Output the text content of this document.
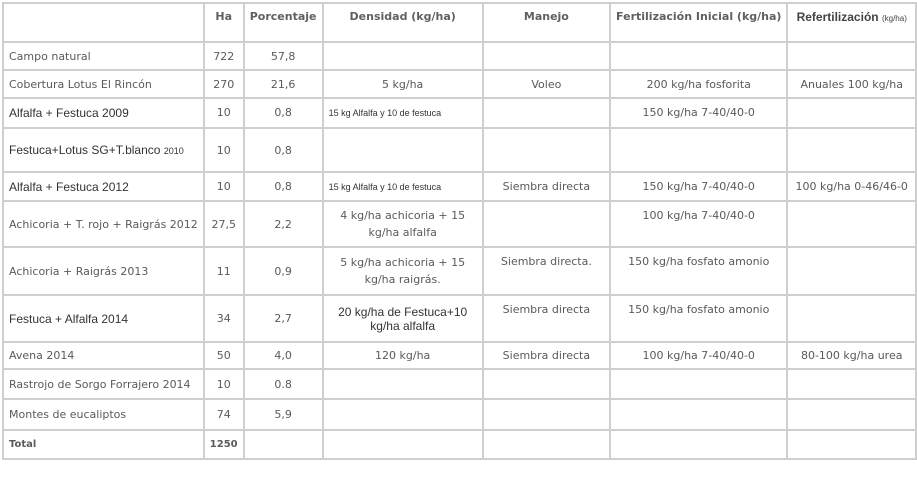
	Ha	Porcentaje	Densidad (kg/ha)	Manejo	Fertilización Inicial (kg/ha)	Refertilización (kg/ha)
Campo natural	722	57,8				
Cobertura Lotus El Rincón	270	21,6	5 kg/ha	Voleo	200 kg/ha fosforita	Anuales 100 kg/ha
Alfalfa + Festuca 2009	10	0,8	15 kg Alfalfa y 10 de festuca		150 kg/ha 7-40/40-0	
Festuca+Lotus SG+T.blanco 2010	10	0,8				
Alfalfa + Festuca 2012	10	0,8	15 kg Alfalfa y 10 de festuca	Siembra directa	150 kg/ha 7-40/40-0	100 kg/ha 0-46/46-0
Achicoria + T. rojo + Raigrás 2012	27,5	2,2	4 kg/ha achicoria + 15 kg/ha alfalfa		100 kg/ha 7-40/40-0	
Achicoria + Raigrás 2013	11	0,9	5 kg/ha achicoria + 15 kg/ha raigrás.	Siembra directa.	150 kg/ha fosfato amonio	
Festuca + Alfalfa 2014	34	2,7	20 kg/ha de Festuca+10 kg/ha alfalfa	Siembra directa	150 kg/ha fosfato amonio	
Avena 2014	50	4,0	120 kg/ha	Siembra directa	100 kg/ha 7-40/40-0	80-100 kg/ha urea
Rastrojo de Sorgo Forrajero 2014	10	0.8				
Montes de eucaliptos	74	5,9				
Total	1250					
